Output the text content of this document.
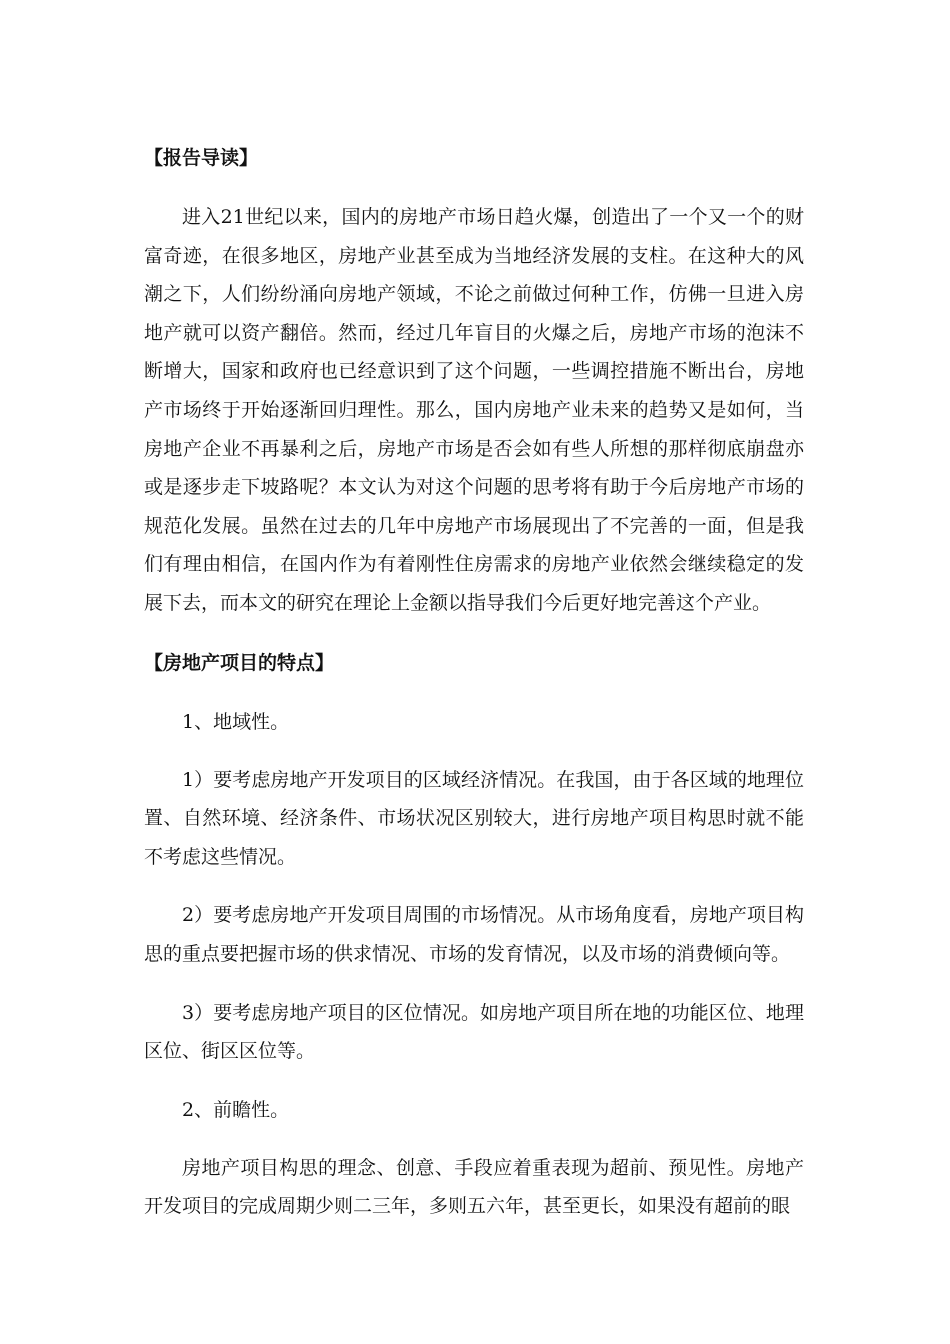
【报告导读】

进入21世纪以来，国内的房地产市场日趋火爆，创造出了一个又一个的财富奇迹，在很多地区，房地产业甚至成为当地经济发展的支柱。在这种大的风潮之下，人们纷纷涌向房地产领域，不论之前做过何种工作，仿佛一旦进入房地产就可以资产翻倍。然而，经过几年盲目的火爆之后，房地产市场的泡沫不断增大，国家和政府也已经意识到了这个问题，一些调控措施不断出台，房地产市场终于开始逐渐回归理性。那么，国内房地产业未来的趋势又是如何，当房地产企业不再暴利之后，房地产市场是否会如有些人所想的那样彻底崩盘亦或是逐步走下坡路呢？本文认为对这个问题的思考将有助于今后房地产市场的规范化发展。虽然在过去的几年中房地产市场展现出了不完善的一面，但是我们有理由相信，在国内作为有着刚性住房需求的房地产业依然会继续稳定的发展下去，而本文的研究在理论上金额以指导我们今后更好地完善这个产业。

【房地产项目的特点】

1、地域性。

1）要考虑房地产开发项目的区域经济情况。在我国，由于各区域的地理位置、自然环境、经济条件、市场状况区别较大，进行房地产项目构思时就不能不考虑这些情况。

2）要考虑房地产开发项目周围的市场情况。从市场角度看，房地产项目构思的重点要把握市场的供求情况、市场的发育情况，以及市场的消费倾向等。

3）要考虑房地产项目的区位情况。如房地产项目所在地的功能区位、地理区位、街区区位等。

2、前瞻性。

房地产项目构思的理念、创意、手段应着重表现为超前、预见性。房地产开发项目的完成周期少则二三年，多则五六年，甚至更长，如果没有超前的眼
